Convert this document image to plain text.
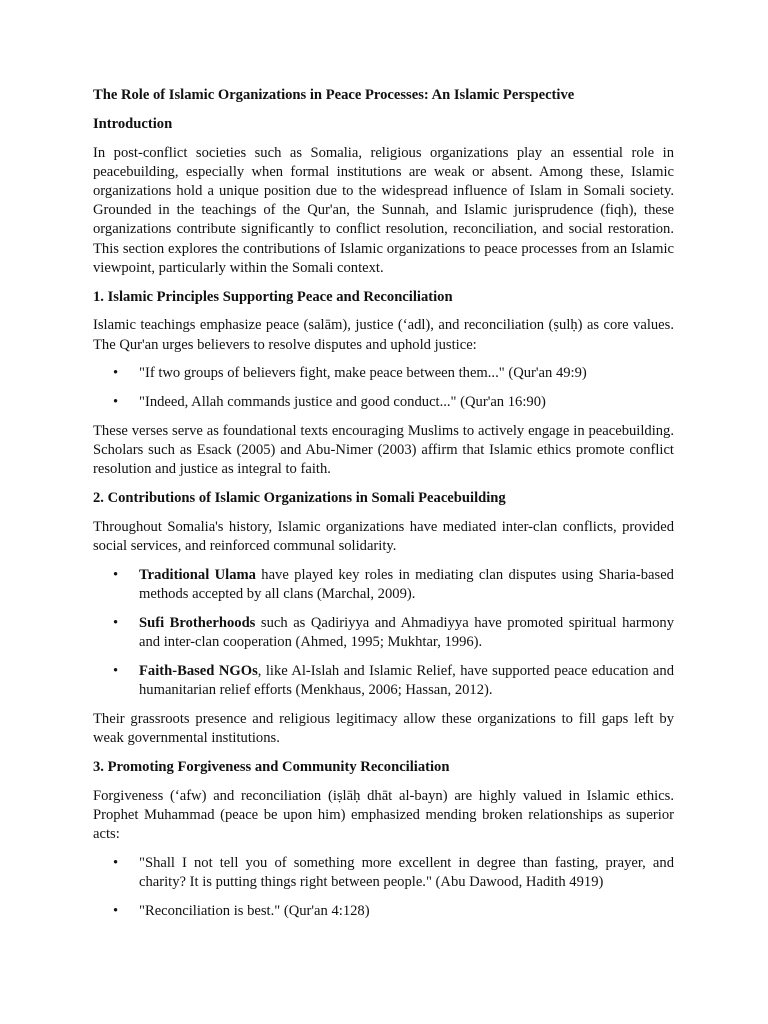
The Role of Islamic Organizations in Peace Processes: An Islamic Perspective
Introduction

In post-conflict societies such as Somalia, religious organizations play an essential role in peacebuilding, especially when formal institutions are weak or absent. Among these, Islamic organizations hold a unique position due to the widespread influence of Islam in Somali society. Grounded in the teachings of the Qur'an, the Sunnah, and Islamic jurisprudence (fiqh), these organizations contribute significantly to conflict resolution, reconciliation, and social restoration. This section explores the contributions of Islamic organizations to peace processes from an Islamic viewpoint, particularly within the Somali context.

1. Islamic Principles Supporting Peace and Reconciliation

Islamic teachings emphasize peace (salām), justice (‘adl), and reconciliation (ṣulḥ) as core values. The Qur'an urges believers to resolve disputes and uphold justice:

• "If two groups of believers fight, make peace between them..." (Qur'an 49:9)
• "Indeed, Allah commands justice and good conduct..." (Qur'an 16:90)

These verses serve as foundational texts encouraging Muslims to actively engage in peacebuilding. Scholars such as Esack (2005) and Abu-Nimer (2003) affirm that Islamic ethics promote conflict resolution and justice as integral to faith.

2. Contributions of Islamic Organizations in Somali Peacebuilding

Throughout Somalia's history, Islamic organizations have mediated inter-clan conflicts, provided social services, and reinforced communal solidarity.

• Traditional Ulama have played key roles in mediating clan disputes using Sharia-based methods accepted by all clans (Marchal, 2009).
• Sufi Brotherhoods such as Qadiriyya and Ahmadiyya have promoted spiritual harmony and inter-clan cooperation (Ahmed, 1995; Mukhtar, 1996).
• Faith-Based NGOs, like Al-Islah and Islamic Relief, have supported peace education and humanitarian relief efforts (Menkhaus, 2006; Hassan, 2012).

Their grassroots presence and religious legitimacy allow these organizations to fill gaps left by weak governmental institutions.

3. Promoting Forgiveness and Community Reconciliation

Forgiveness (‘afw) and reconciliation (iṣlāḥ dhāt al-bayn) are highly valued in Islamic ethics. Prophet Muhammad (peace be upon him) emphasized mending broken relationships as superior acts:

• "Shall I not tell you of something more excellent in degree than fasting, prayer, and charity? It is putting things right between people." (Abu Dawood, Hadith 4919)
• "Reconciliation is best." (Qur'an 4:128)
